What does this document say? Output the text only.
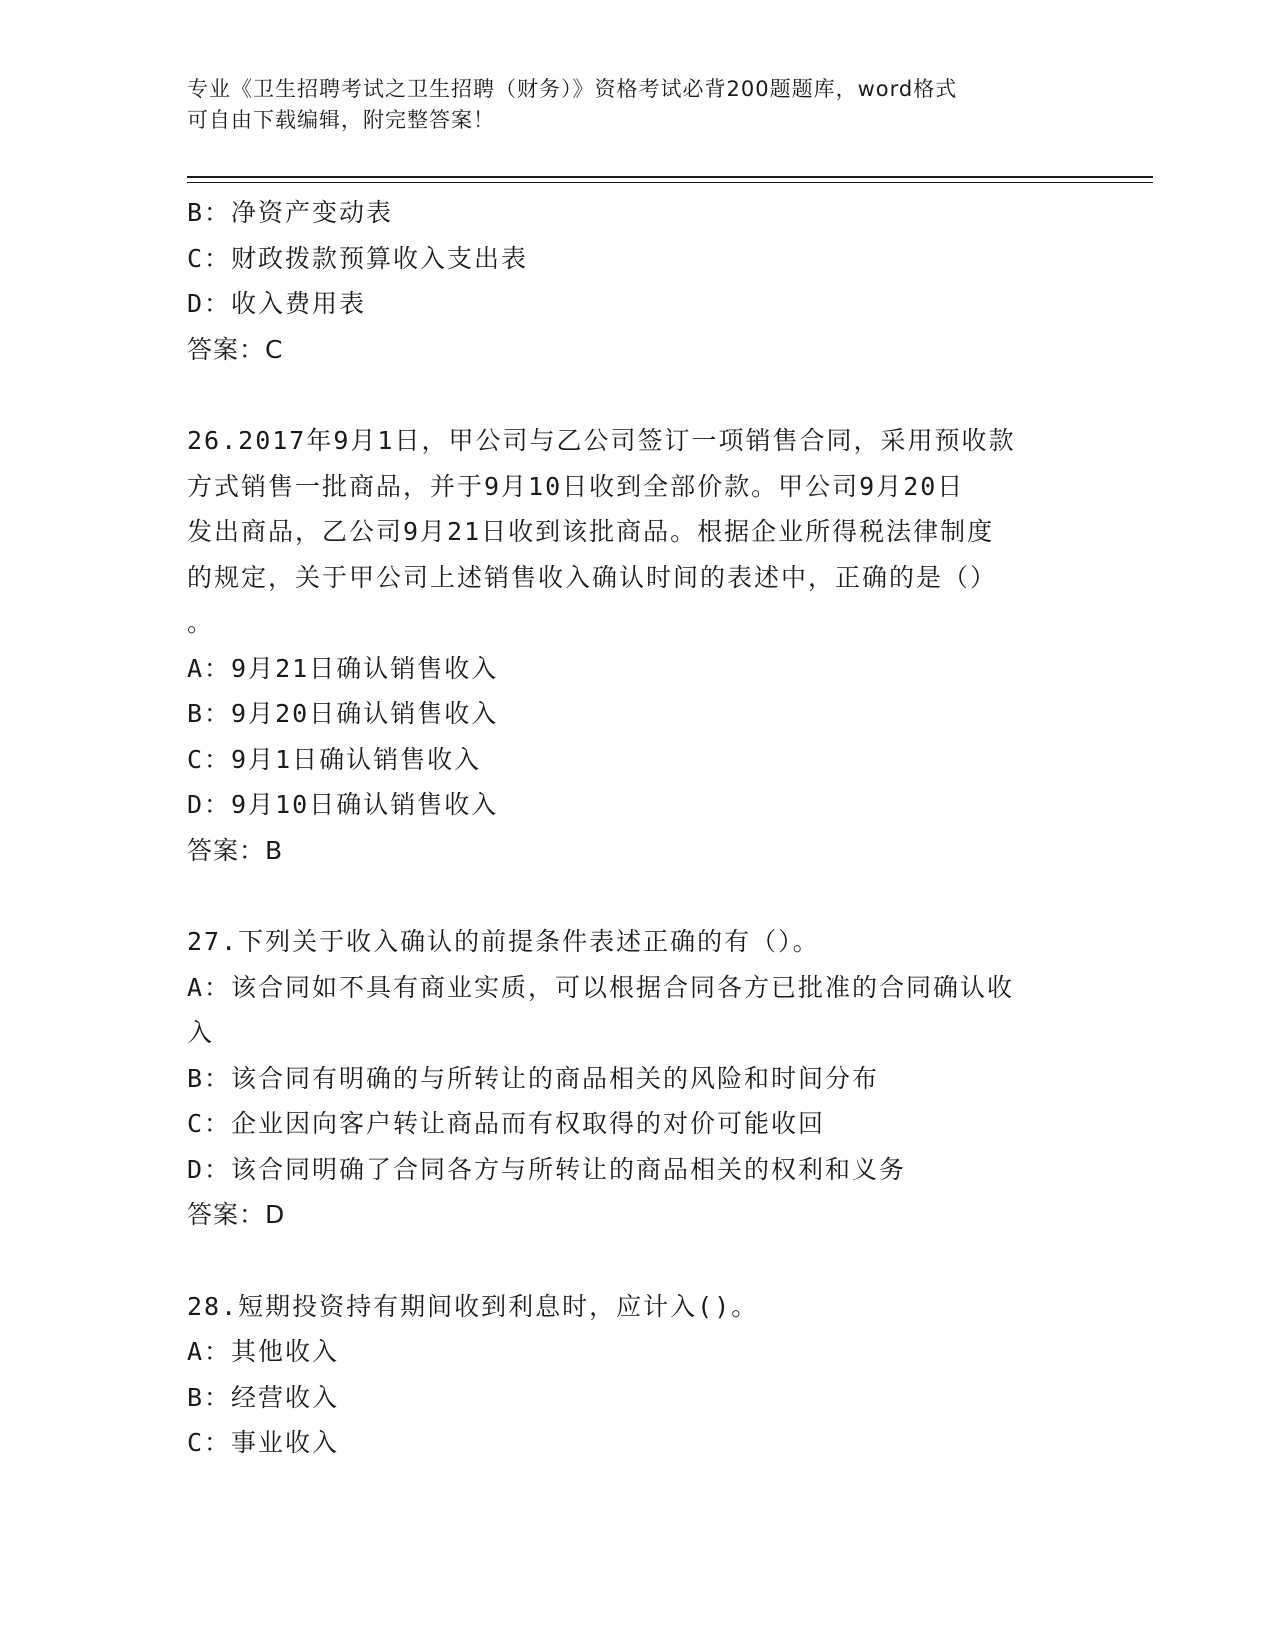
专业《卫生招聘考试之卫生招聘（财务）》资格考试必背200题题库，word格式
可自由下载编辑，附完整答案！
B：净资产变动表
C：财政拨款预算收入支出表
D：收入费用表
答案：C
26.2017年9月1日，甲公司与乙公司签订一项销售合同，采用预收款
方式销售一批商品，并于9月10日收到全部价款。甲公司9月20日
发出商品，乙公司9月21日收到该批商品。根据企业所得税法律制度
的规定，关于甲公司上述销售收入确认时间的表述中，正确的是（）
。
A：9月21日确认销售收入
B：9月20日确认销售收入
C：9月1日确认销售收入
D：9月10日确认销售收入
答案：B
27.下列关于收入确认的前提条件表述正确的有（）。
A：该合同如不具有商业实质，可以根据合同各方已批准的合同确认收
入
B：该合同有明确的与所转让的商品相关的风险和时间分布
C：企业因向客户转让商品而有权取得的对价可能收回
D：该合同明确了合同各方与所转让的商品相关的权利和义务
答案：D
28.短期投资持有期间收到利息时，应计入()。
A：其他收入
B：经营收入
C：事业收入
